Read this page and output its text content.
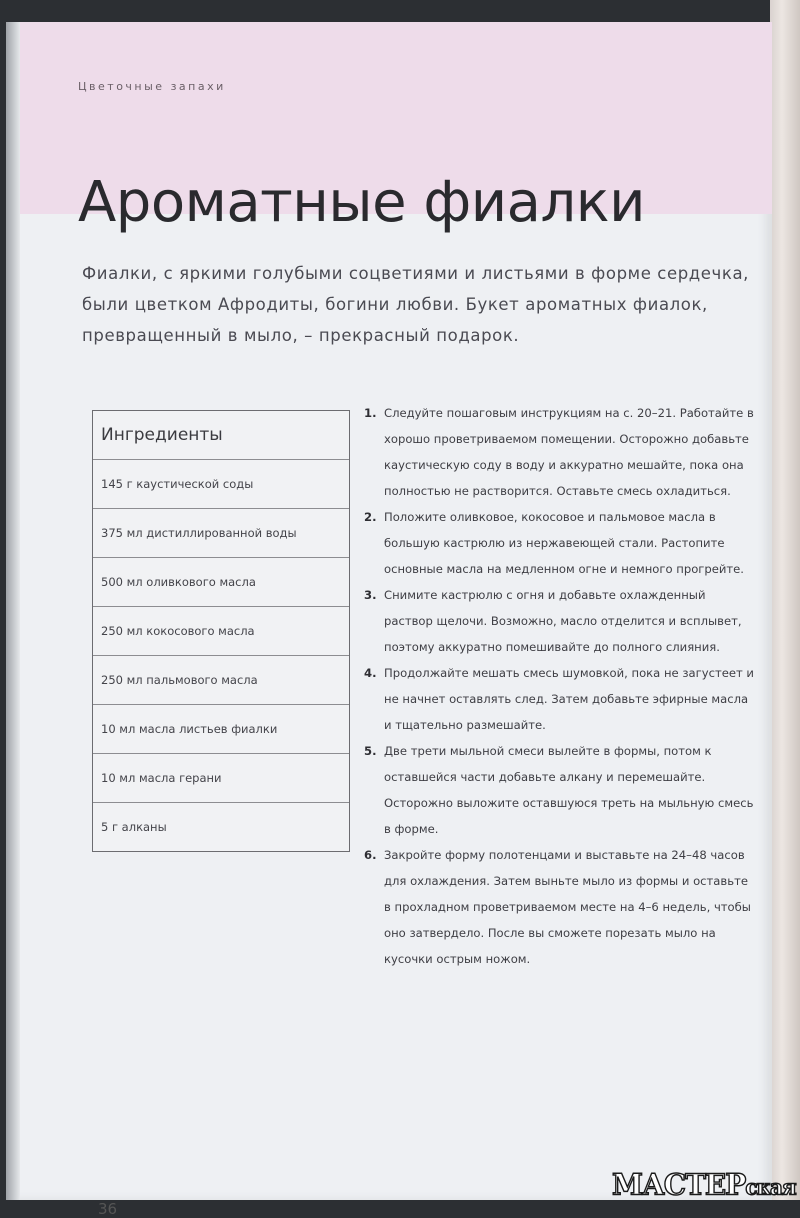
Цветочные запахи
Ароматные фиалки

Фиалки, с яркими голубыми соцветиями и листьями в форме сердечка, были цветком Афродиты, богини любви. Букет ароматных фиалок, превращенный в мыло, – прекрасный подарок.

Ингредиенты
145 г каустической соды
375 мл дистиллированной воды
500 мл оливкового масла
250 мл кокосового масла
250 мл пальмового масла
10 мл масла листьев фиалки
10 мл масла герани
5 г алканы
1. Следуйте пошаговым инструкциям на с. 20–21. Работайте в хорошо проветриваемом помещении. Осторожно добавьте каустическую соду в воду и аккуратно мешайте, пока она полностью не растворится. Оставьте смесь охладиться.
2. Положите оливковое, кокосовое и пальмовое масла в большую кастрюлю из нержавеющей стали. Растопите основные масла на медленном огне и немного прогрейте.
3. Снимите кастрюлю с огня и добавьте охлажденный раствор щелочи. Возможно, масло отделится и всплывет, поэтому аккуратно помешивайте до полного слияния.
4. Продолжайте мешать смесь шумовкой, пока не загустеет и не начнет оставлять след. Затем добавьте эфирные масла и тщательно размешайте.
5. Две трети мыльной смеси вылейте в формы, потом к оставшейся части добавьте алкану и перемешайте. Осторожно выложите оставшуюся треть на мыльную смесь в форме.
6. Закройте форму полотенцами и выставьте на 24–48 часов для охлаждения. Затем выньте мыло из формы и оставьте в прохладном проветриваемом месте на 4–6 недель, чтобы оно затвердело. После вы сможете порезать мыло на кусочки острым ножом.
36
МАСТЕРская
